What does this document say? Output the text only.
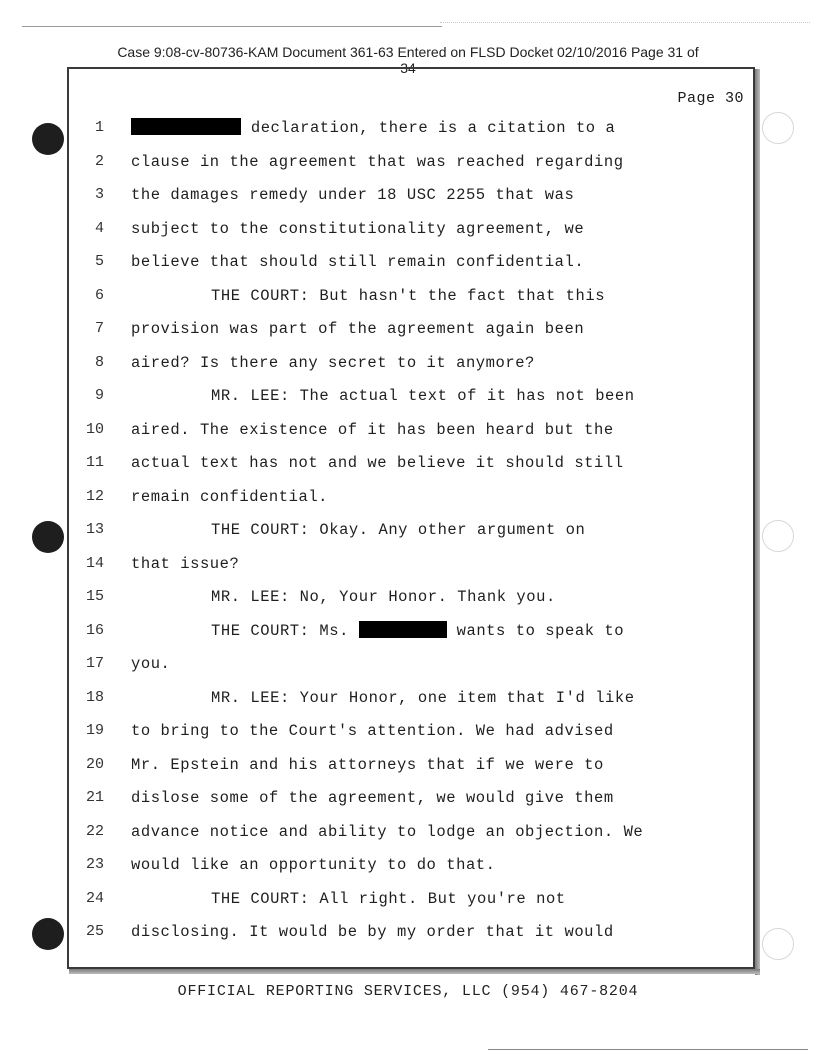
Case 9:08-cv-80736-KAM Document 361-63 Entered on FLSD Docket 02/10/2016 Page 31 of
34
Page 30
1	declaration, there is a citation to a
2 clause in the agreement that was reached regarding
3 the damages remedy under 18 USC 2255 that was
4 subject to the constitutionality agreement, we
5 believe that should still remain confidential.
6	THE COURT: But hasn't the fact that this
7 provision was part of the agreement again been
8 aired? Is there any secret to it anymore?
9	MR. LEE: The actual text of it has not been
10 aired. The existence of it has been heard but the
11 actual text has not and we believe it should still
12 remain confidential.
13	THE COURT: Okay. Any other argument on
14 that issue?
15	MR. LEE: No, Your Honor. Thank you.
16	THE COURT: Ms.	wants to speak to
17 you.
18	MR. LEE: Your Honor, one item that I'd like
19 to bring to the Court's attention. We had advised
20 Mr. Epstein and his attorneys that if we were to
21 dislose some of the agreement, we would give them
22 advance notice and ability to lodge an objection. We
23 would like an opportunity to do that.
24	THE COURT: All right. But you're not
25 disclosing. It would be by my order that it would
OFFICIAL REPORTING SERVICES, LLC (954) 467-8204
